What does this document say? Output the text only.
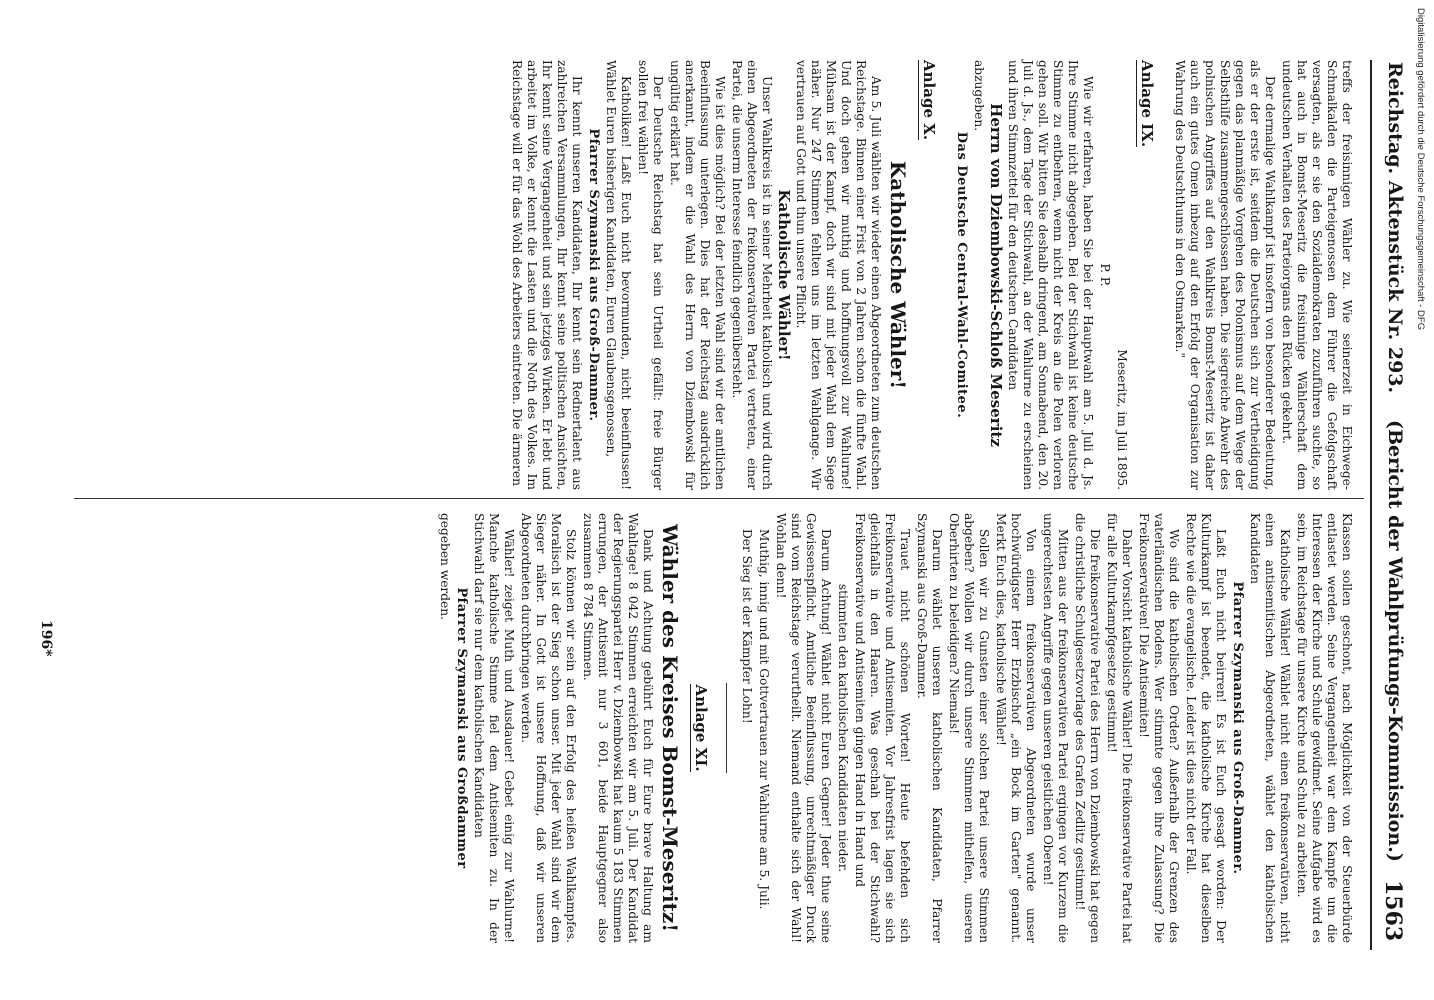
Reichstag. Aktenstück Nr. 293.
(Bericht der Wahlprüfungs-Kommission.)
1563

treffs der freisinnigen Wähler zu. Wie seinerzeit in Eichwege-Schmalkalden die Parteigenossen dem Führer die Gefolgschaft versagten, als er sie den Sozialdemokraten zuzuführen suchte, so hat auch in Bomst-Meseritz die freisinnige Wählerschaft dem undeutschen Verhalten des Parteiorgans den Rücken gekehrt.

Der dermalige Wahlkampf ist insofern von besonderer Bedeutung, als er der erste ist, seitdem die Deutschen sich zur Vertheidigung gegen das planmäßige Vorgehen des Polonismus auf dem Wege der Selbsthilfe zusammengeschlossen haben. Die siegreiche Abwehr des polnischen Angriffes auf den Wahlkreis Bomst-Meseritz ist daher auch ein gutes Omen inbezug auf den Erfolg der Organisation zur Wahrung des Deutschthums in den Ostmarken."

Anlage IX.

Meseritz, im Juli 1895.

P. P.

Wie wir erfahren, haben Sie bei der Hauptwahl am 5. Juli d. Js. Ihre Stimme nicht abgegeben. Bei der Stichwahl ist keine deutsche Stimme zu entbehren, wenn nicht der Kreis an die Polen verloren gehen soll. Wir bitten Sie deshalb dringend, am Sonnabend, den 20. Juli d. Js., dem Tage der Stichwahl, an der Wahlurne zu erscheinen und ihren Stimmzettel für den deutschen Candidaten

Herrn von Dziembowski-Schloß Meseritz

abzugeben.

Das Deutsche Central-Wahl-Comitee.

Anlage X.

Katholische Wähler!

Am 5. Juli wählten wir wieder einen Abgeordneten zum deutschen Reichstage. Binnen einer Frist von 2 Jahren schon die fünfte Wahl. Und doch gehen wir muthig und hoffnungsvoll zur Wahlurne! Mühsam ist der Kampf, doch wir sind mit jeder Wahl dem Siege näher. Nur 247 Stimmen fehlten uns im letzten Wahlgange. Wir vertrauen auf Gott und thun unsere Pflicht.

Katholische Wähler!

Unser Wahlkreis ist in seiner Mehrheit katholisch und wird durch einen Abgeordneten der freikonservativen Partei vertreten, einer Partei, die unserm Interesse feindlich gegenübersteht.

Wie ist dies möglich? Bei der letzten Wahl sind wir der amtlichen Beeinflussung unterlegen. Dies hat der Reichstag ausdrücklich anerkannt, indem er die Wahl des Herrn von Dziembowski für ungültig erklärt hat.

Der Deutsche Reichstag hat sein Urtheil gefällt: freie Bürger sollen frei wählen!

Katholiken! Laßt Euch nicht bevormunden, nicht beeinflussen! Wählet Euren bisherigen Kandidaten, Euren Glaubensgenossen,

Pfarrer Szymanski aus Groß-Dammer.

Ihr kennt unseren Kandidaten, Ihr kennt sein Rednertalent aus zahlreichen Versammlungen, Ihr kennt seine politischen Ansichten, Ihr kennt seine Vergangenheit und sein jetziges Wirken. Er lebt und arbeitet im Volke, er kennt die Lasten und die Noth des Volkes. Im Reichstage will er für das Wohl des Arbeiters eintreten. Die ärmeren

Klassen sollen geschont, nach Möglichkeit von der Steuerbürde entlastet werden. Seine Vergangenheit war dem Kampfe um die Interessen der Kirche und Schule gewidmet. Seine Aufgabe wird es sein, im Reichstage für unsere Kirche und Schule zu arbeiten.

Katholische Wähler! Wählet nicht einen freikonservativen, nicht einen antisemitischen Abgeordneten, wählet den katholischen Kandidaten

Pfarrer Szymanski aus Groß-Dammer.

Laßt Euch nicht beirren! Es ist Euch gesagt worden: Der Kulturkampf ist beendet, die katholische Kirche hat dieselben Rechte wie die evangelische. Leider ist dies nicht der Fall.

Wo sind die katholischen Orden? Außerhalb der Grenzen des vaterländischen Bodens. Wer stimmte gegen ihre Zulassung? Die Freikonservativen! Die Antisemiten!

Daher Vorsicht katholische Wähler! Die freikonservative Partei hat für alle Kulturkampfgesetze gestimmt!

Die freikonservative Partei des Herrn von Dziembowski hat gegen die christliche Schulgesetzvorlage des Grafen Zedlitz gestimmt!

Mitten aus der freikonservativen Partei ergingen vor Kurzem die ungerechtesten Angriffe gegen unseren geistlichen Oberen!

Von einem freikonservativen Abgeordneten wurde unser hochwürdigster Herr Erzbischof „ein Bock im Garten" genannt. Merkt Euch dies, katholische Wähler!

Sollen wir zu Gunsten einer solchen Partei unsere Stimmen abgeben? Wollen wir durch unsere Stimmen mithelfen, unseren Oberhirten zu beleidigen? Niemals!

Darum wählet unseren katholischen Kandidaten, Pfarrer Szymanski aus Groß-Dammer.

Trauet nicht schönen Worten! Heute befehden sich Freikonservative und Antisemiten. Vor Jahresfrist lagen sie sich gleichfalls in den Haaren. Was geschah bei der Stichwahl? Freikonservative und Antisemiten gingen Hand in Hand und

stimmten den katholischen Kandidaten nieder.

Darum Achtung! Wählet nicht Euren Gegner! Jeder thue seine Gewissenspflicht. Amtliche Beeinflussung, unrechtmäßiger Druck sind vom Reichstage verurtheilt. Niemand enthalte sich der Wahl! Wohlan denn!

Muthig, innig und mit Gottvertrauen zur Wahlurne am 5. Juli.

Der Sieg ist der Kämpfer Lohn!

Anlage XI.

Wähler des Kreises Bomst-Meseritz!

Dank und Achtung gebührt Euch für Eure brave Haltung am Wahltage! 8 042 Stimmen erreichten wir am 5. Juli. Der Kandidat der Regierungspartei Herr v. Dziembowski hat kaum 5 183 Stimmen errungen, der Antisemit nur 3 601, beide Hauptgegner also zusammen 8 784 Stimmen.

Stolz können wir sein auf den Erfolg des heißen Wahlkampfes. Moralisch ist der Sieg schon unser. Mit jeder Wahl sind wir dem Sieger näher. In Gott ist unsere Hoffnung, daß wir unseren Abgeordneten durchbringen werden.

Wähler! zeiget Muth und Ausdauer! Gebet einig zur Wahlurne! Manche katholische Stimme fiel dem Antisemiten zu. In der Stichwahl darf sie nur dem katholischen Kandidaten

Pfarrer Szymanski aus Großdammer

gegeben werden.

196*
Digitalisierung gefördert durch die Deutsche Forschungsgemeinschaft - DFG
